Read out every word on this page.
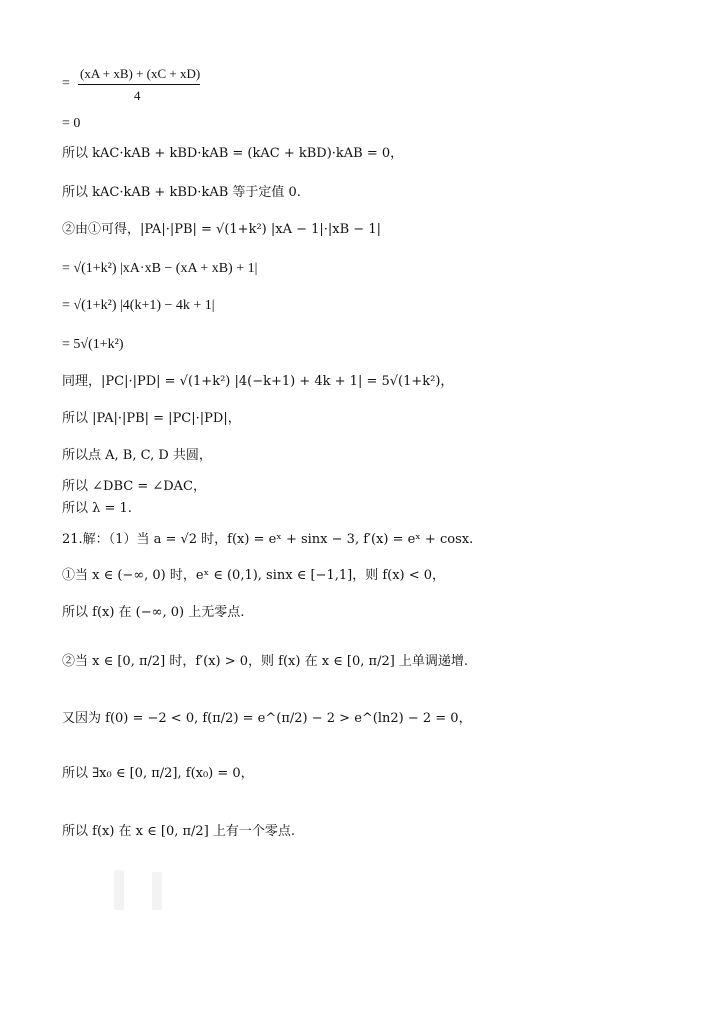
=
(xA + xB) + (xC + xD)
4
= 0
所以 kAC·kAB + kBD·kAB = (kAC + kBD)·kAB = 0，
所以 kAC·kAB + kBD·kAB 等于定值 0.
②由①可得，|PA|·|PB| = √(1+k²) |xA − 1|·|xB − 1|
= √(1+k²) |xA·xB − (xA + xB) + 1|
= √(1+k²) |4(k+1) − 4k + 1|
= 5√(1+k²)
同理，|PC|·|PD| = √(1+k²) |4(−k+1) + 4k + 1| = 5√(1+k²)，
所以 |PA|·|PB| = |PC|·|PD|，
所以点 A, B, C, D 共圆，
所以 ∠DBC = ∠DAC，
所以 λ = 1.
21.解：（1）当 a = √2 时，f(x) = eˣ + sinx − 3, f′(x) = eˣ + cosx.
①当 x ∈ (−∞, 0) 时，eˣ ∈ (0,1), sinx ∈ [−1,1]，则 f(x) < 0，
所以 f(x) 在 (−∞, 0) 上无零点.
②当 x ∈ [0, π/2] 时，f′(x) > 0，则 f(x) 在 x ∈ [0, π/2] 上单调递增.
又因为 f(0) = −2 < 0, f(π/2) = e^(π/2) − 2 > e^(ln2) − 2 = 0，
所以 ∃x₀ ∈ [0, π/2], f(x₀) = 0，
所以 f(x) 在 x ∈ [0, π/2] 上有一个零点.
